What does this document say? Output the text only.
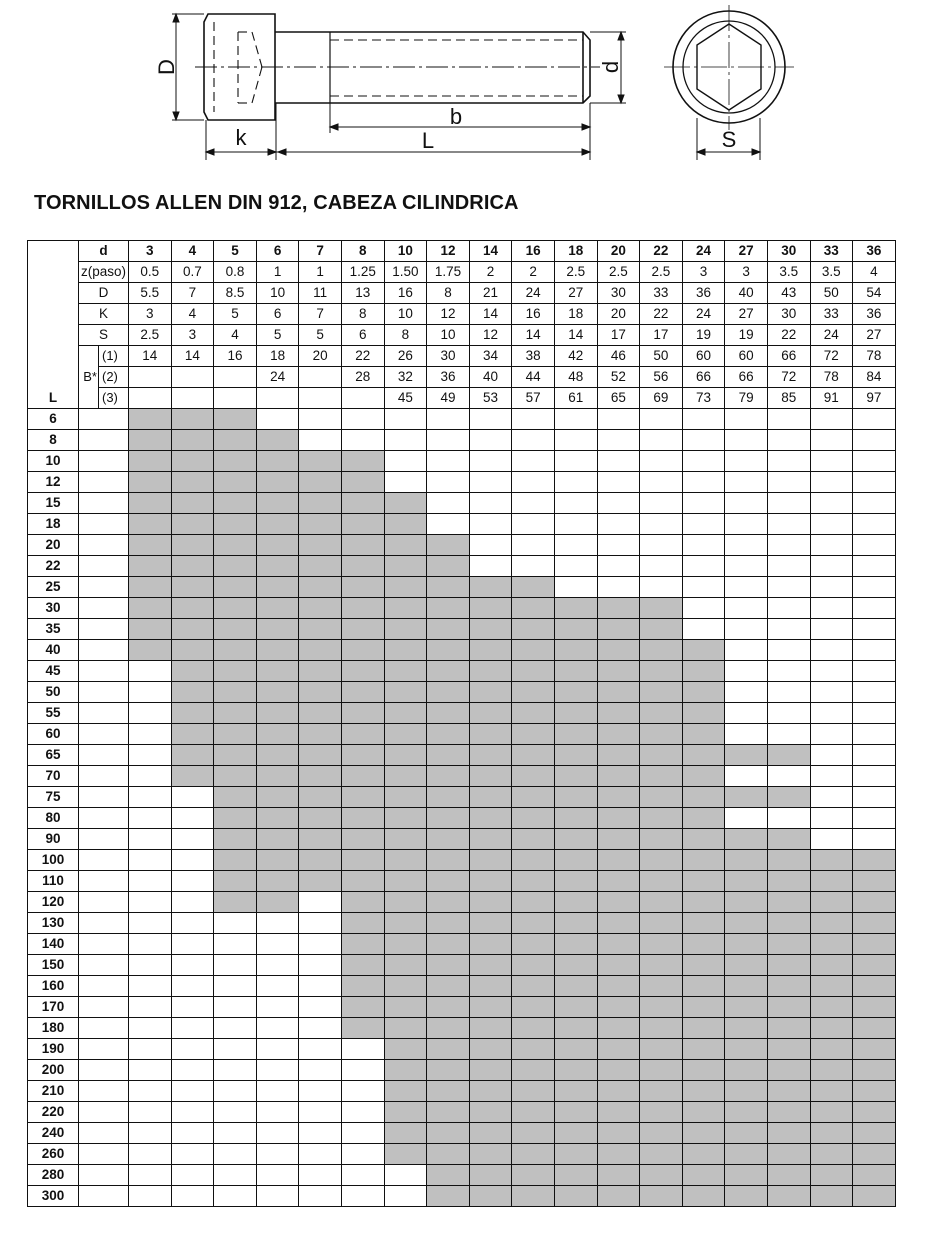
D
k
b
L
d
S
TORNILLOS ALLEN DIN 912, CABEZA CILINDRICA
	d		3	4	5	6	7	8	10	12	14	16	18	20	22	24	27	30	33	36
	z(paso)		0.5	0.7	0.8	1	1	1.25	1.50	1.75	2	2	2.5	2.5	2.5	3	3	3.5	3.5	4
	D		5.5	7	8.5	10	11	13	16	8	21	24	27	30	33	36	40	43	50	54
	K		3	4	5	6	7	8	10	12	14	16	18	20	22	24	27	30	33	36
	S		2.5	3	4	5	5	6	8	10	12	14	14	17	17	19	19	22	24	27
		(1)	14	14	16	18	20	22	26	30	34	38	42	46	50	60	60	66	72	78
	B*	(2)				24		28	32	36	40	44	48	52	56	66	66	72	78	84
L		(3)							45	49	53	57	61	65	69	73	79	85	91	97
6																				
8																				
10																				
12																				
15																				
18																				
20																				
22																				
25																				
30																				
35																				
40																				
45																				
50																				
55																				
60																				
65																				
70																				
75																				
80																				
90																				
100																				
110																				
120																				
130																				
140																				
150																				
160																				
170																				
180																				
190																				
200																				
210																				
220																				
240																				
260																				
280																				
300																				
